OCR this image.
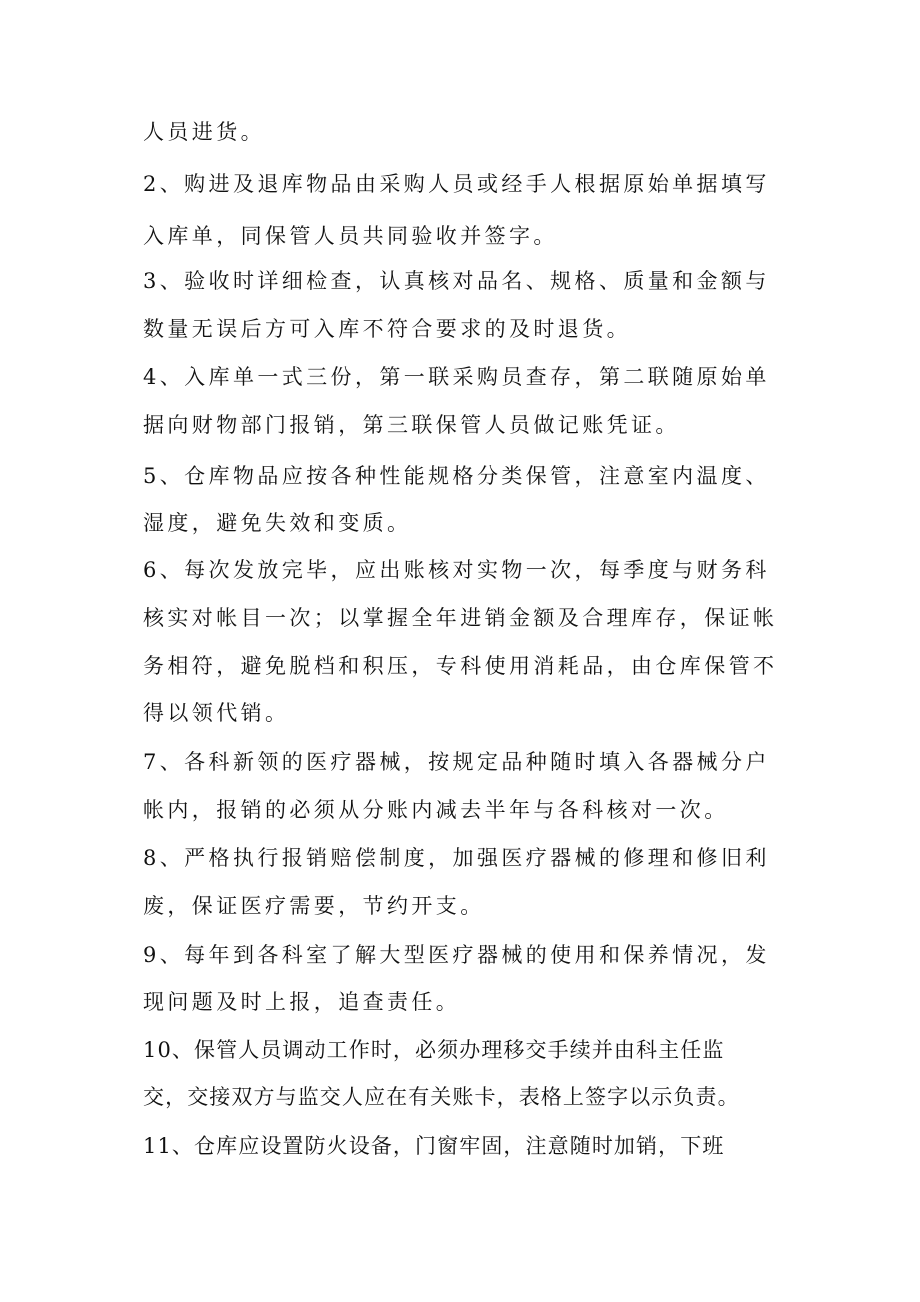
人员进货。
2、购进及退库物品由采购人员或经手人根据原始单据填写
入库单，同保管人员共同验收并签字。
3、验收时详细检查，认真核对品名、规格、质量和金额与
数量无误后方可入库不符合要求的及时退货。
4、入库单一式三份，第一联采购员查存，第二联随原始单
据向财物部门报销，第三联保管人员做记账凭证。
5、仓库物品应按各种性能规格分类保管，注意室内温度、
湿度，避免失效和变质。
6、每次发放完毕，应出账核对实物一次，每季度与财务科
核实对帐目一次；以掌握全年进销金额及合理库存，保证帐
务相符，避免脱档和积压，专科使用消耗品，由仓库保管不
得以领代销。
7、各科新领的医疗器械，按规定品种随时填入各器械分户
帐内，报销的必须从分账内减去半年与各科核对一次。
8、严格执行报销赔偿制度，加强医疗器械的修理和修旧利
废，保证医疗需要，节约开支。
9、每年到各科室了解大型医疗器械的使用和保养情况，发
现问题及时上报，追查责任。
10、保管人员调动工作时，必须办理移交手续并由科主任监
交，交接双方与监交人应在有关账卡，表格上签字以示负责。
11、仓库应设置防火设备，门窗牢固，注意随时加销，下班
